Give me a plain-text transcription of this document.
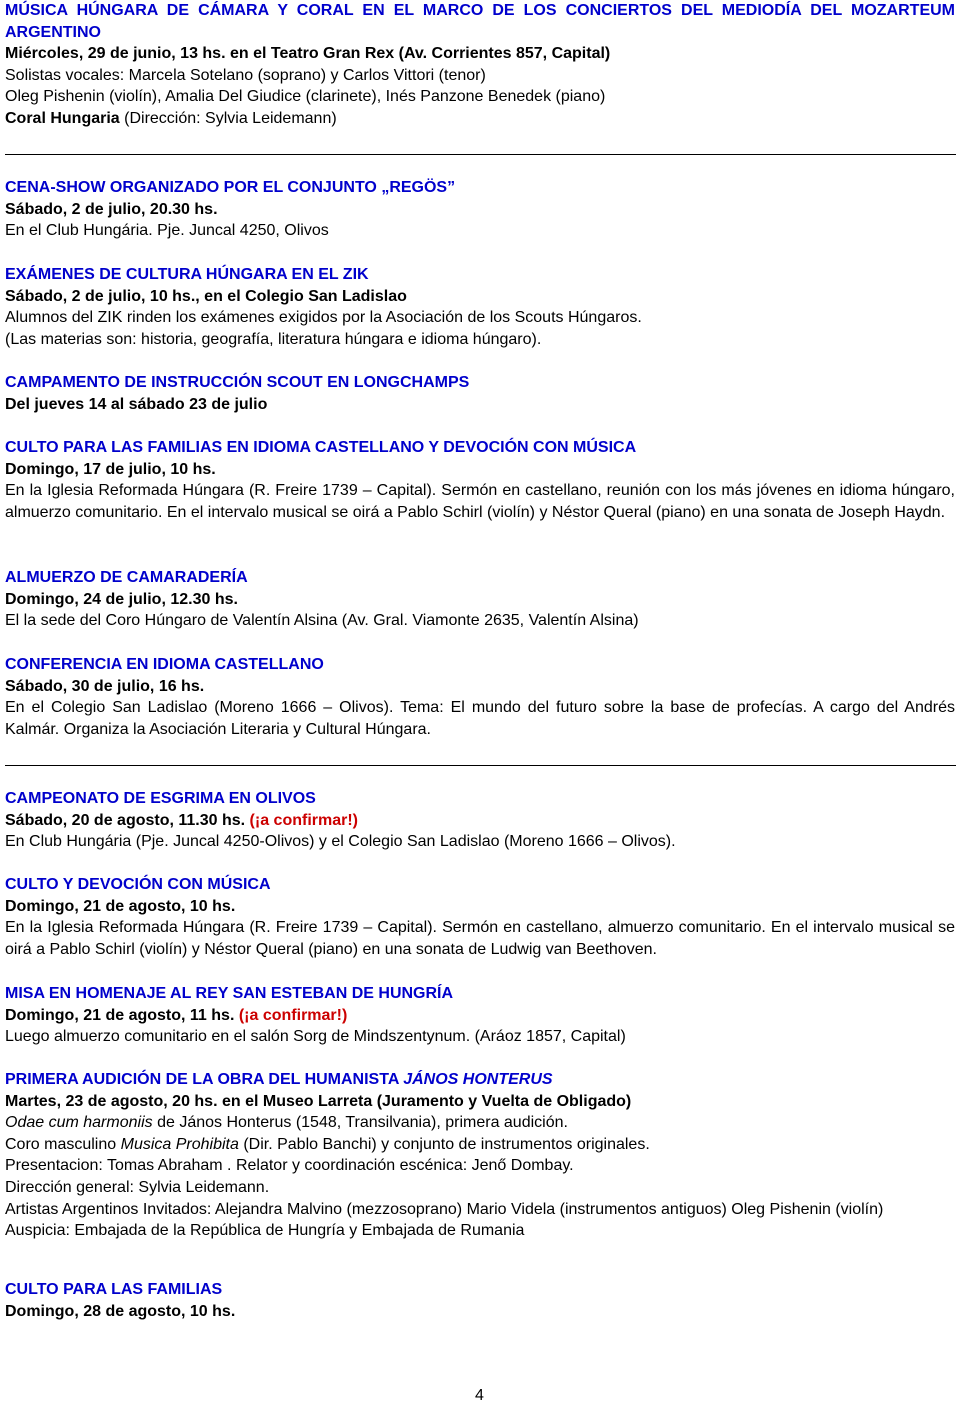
MÚSICA HÚNGARA DE CÁMARA Y CORAL EN EL MARCO DE LOS CONCIERTOS DEL MEDIODÍA DEL MOZARTEUM ARGENTINO
Miércoles, 29 de junio, 13 hs. en el Teatro Gran Rex (Av. Corrientes 857, Capital)
Solistas vocales: Marcela Sotelano (soprano) y Carlos Vittori (tenor)
Oleg Pishenin (violín), Amalia Del Giudice (clarinete), Inés Panzone Benedek (piano)
Coral Hungaria (Dirección: Sylvia Leidemann)
CENA-SHOW ORGANIZADO POR EL CONJUNTO „REGÖS”
Sábado, 2 de julio, 20.30 hs.
En el Club Hungária. Pje. Juncal 4250, Olivos
EXÁMENES DE CULTURA HÚNGARA EN EL ZIK
Sábado, 2 de julio, 10 hs., en el Colegio San Ladislao
Alumnos del ZIK rinden los exámenes exigidos por la Asociación de los Scouts Húngaros.
(Las materias son: historia, geografía, literatura húngara e idioma húngaro).
CAMPAMENTO DE INSTRUCCIÓN SCOUT EN LONGCHAMPS
Del jueves 14 al sábado 23 de julio
CULTO PARA LAS FAMILIAS EN IDIOMA CASTELLANO Y DEVOCIÓN CON MÚSICA
Domingo, 17 de julio, 10 hs.
En la Iglesia Reformada Húngara (R. Freire 1739 – Capital). Sermón en castellano, reunión con los más jóvenes en idioma húngaro, almuerzo comunitario. En el intervalo musical se oirá a Pablo Schirl (violín) y Néstor Queral (piano) en una sonata de Joseph Haydn.
ALMUERZO DE CAMARADERÍA
Domingo, 24 de julio, 12.30 hs.
El la sede del Coro Húngaro de Valentín Alsina (Av. Gral. Viamonte 2635, Valentín Alsina)
CONFERENCIA EN IDIOMA CASTELLANO
Sábado, 30 de julio, 16 hs.
En el Colegio San Ladislao (Moreno 1666 – Olivos). Tema: El mundo del futuro sobre la base de profecías. A cargo del Andrés Kalmár. Organiza la Asociación Literaria y Cultural Húngara.
CAMPEONATO DE ESGRIMA EN OLIVOS
Sábado, 20 de agosto, 11.30 hs. (¡a confirmar!)
En Club Hungária (Pje. Juncal 4250-Olivos) y el Colegio San Ladislao (Moreno 1666 – Olivos).
CULTO Y DEVOCIÓN CON MÚSICA
Domingo, 21 de agosto, 10 hs.
En la Iglesia Reformada Húngara (R. Freire 1739 – Capital). Sermón en castellano, almuerzo comunitario. En el intervalo musical se oirá a Pablo Schirl (violín) y Néstor Queral (piano) en una sonata de Ludwig van Beethoven.
MISA EN HOMENAJE AL REY SAN ESTEBAN DE HUNGRÍA
Domingo, 21 de agosto, 11 hs. (¡a confirmar!)
Luego almuerzo comunitario en el salón Sorg de Mindszentynum. (Aráoz 1857, Capital)
PRIMERA AUDICIÓN DE LA OBRA DEL HUMANISTA JÁNOS HONTERUS
Martes, 23 de agosto, 20 hs. en el Museo Larreta (Juramento y Vuelta de Obligado)
Odae cum harmoniis de János Honterus (1548, Transilvania), primera audición.
Coro masculino Musica Prohibita (Dir. Pablo Banchi) y conjunto de instrumentos originales.
Presentacion: Tomas Abraham . Relator y coordinación escénica: Jenő Dombay.
Dirección general: Sylvia Leidemann.
Artistas Argentinos Invitados: Alejandra Malvino (mezzosoprano) Mario Videla (instrumentos antiguos) Oleg Pishenin (violín)
Auspicia: Embajada de la República de Hungría y Embajada de Rumania
CULTO PARA LAS FAMILIAS
Domingo, 28 de agosto, 10 hs.
4
